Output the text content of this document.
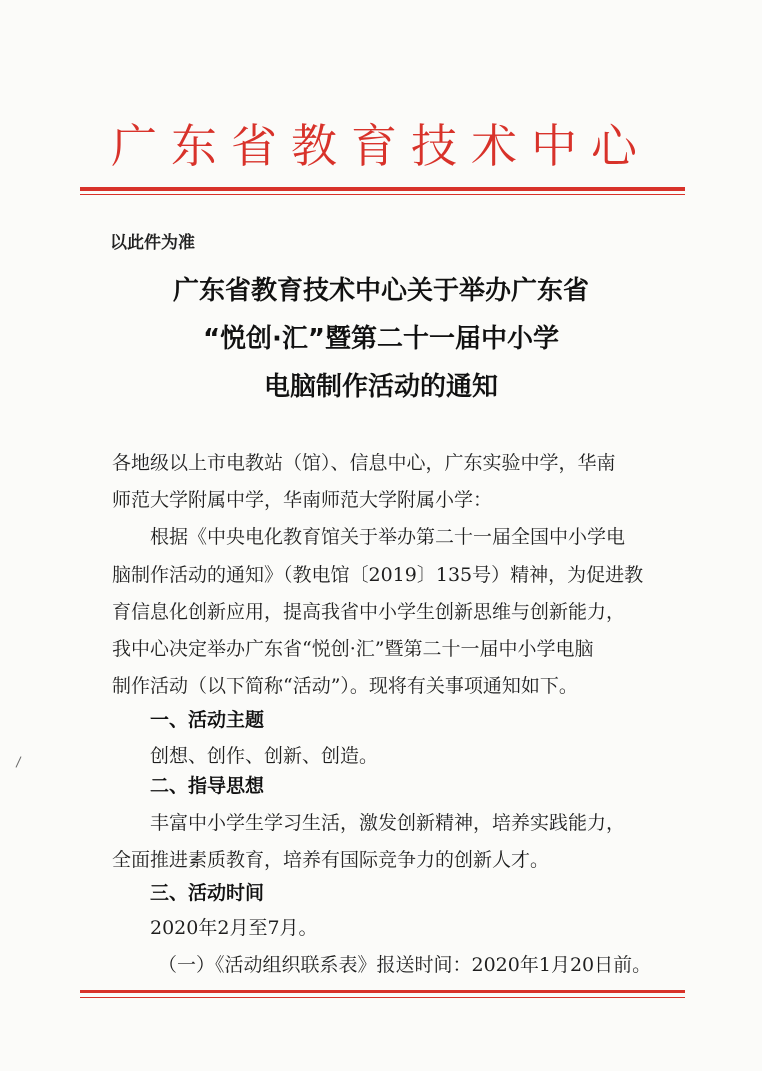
广东省教育技术中心
以此件为准
广东省教育技术中心关于举办广东省
“悦创·汇”暨第二十一届中小学
电脑制作活动的通知
各地级以上市电教站（馆）、信息中心，广东实验中学，华南
师范大学附属中学，华南师范大学附属小学：
根据《中央电化教育馆关于举办第二十一届全国中小学电
脑制作活动的通知》（教电馆〔2019〕135号）精神，为促进教
育信息化创新应用，提高我省中小学生创新思维与创新能力，
我中心决定举办广东省“悦创·汇”暨第二十一届中小学电脑
制作活动（以下简称“活动”）。现将有关事项通知如下。
一、活动主题
创想、创作、创新、创造。
二、指导思想
丰富中小学生学习生活，激发创新精神，培养实践能力，
全面推进素质教育，培养有国际竞争力的创新人才。
三、活动时间
2020年2月至7月。
（一）《活动组织联系表》报送时间：2020年1月20日前。
